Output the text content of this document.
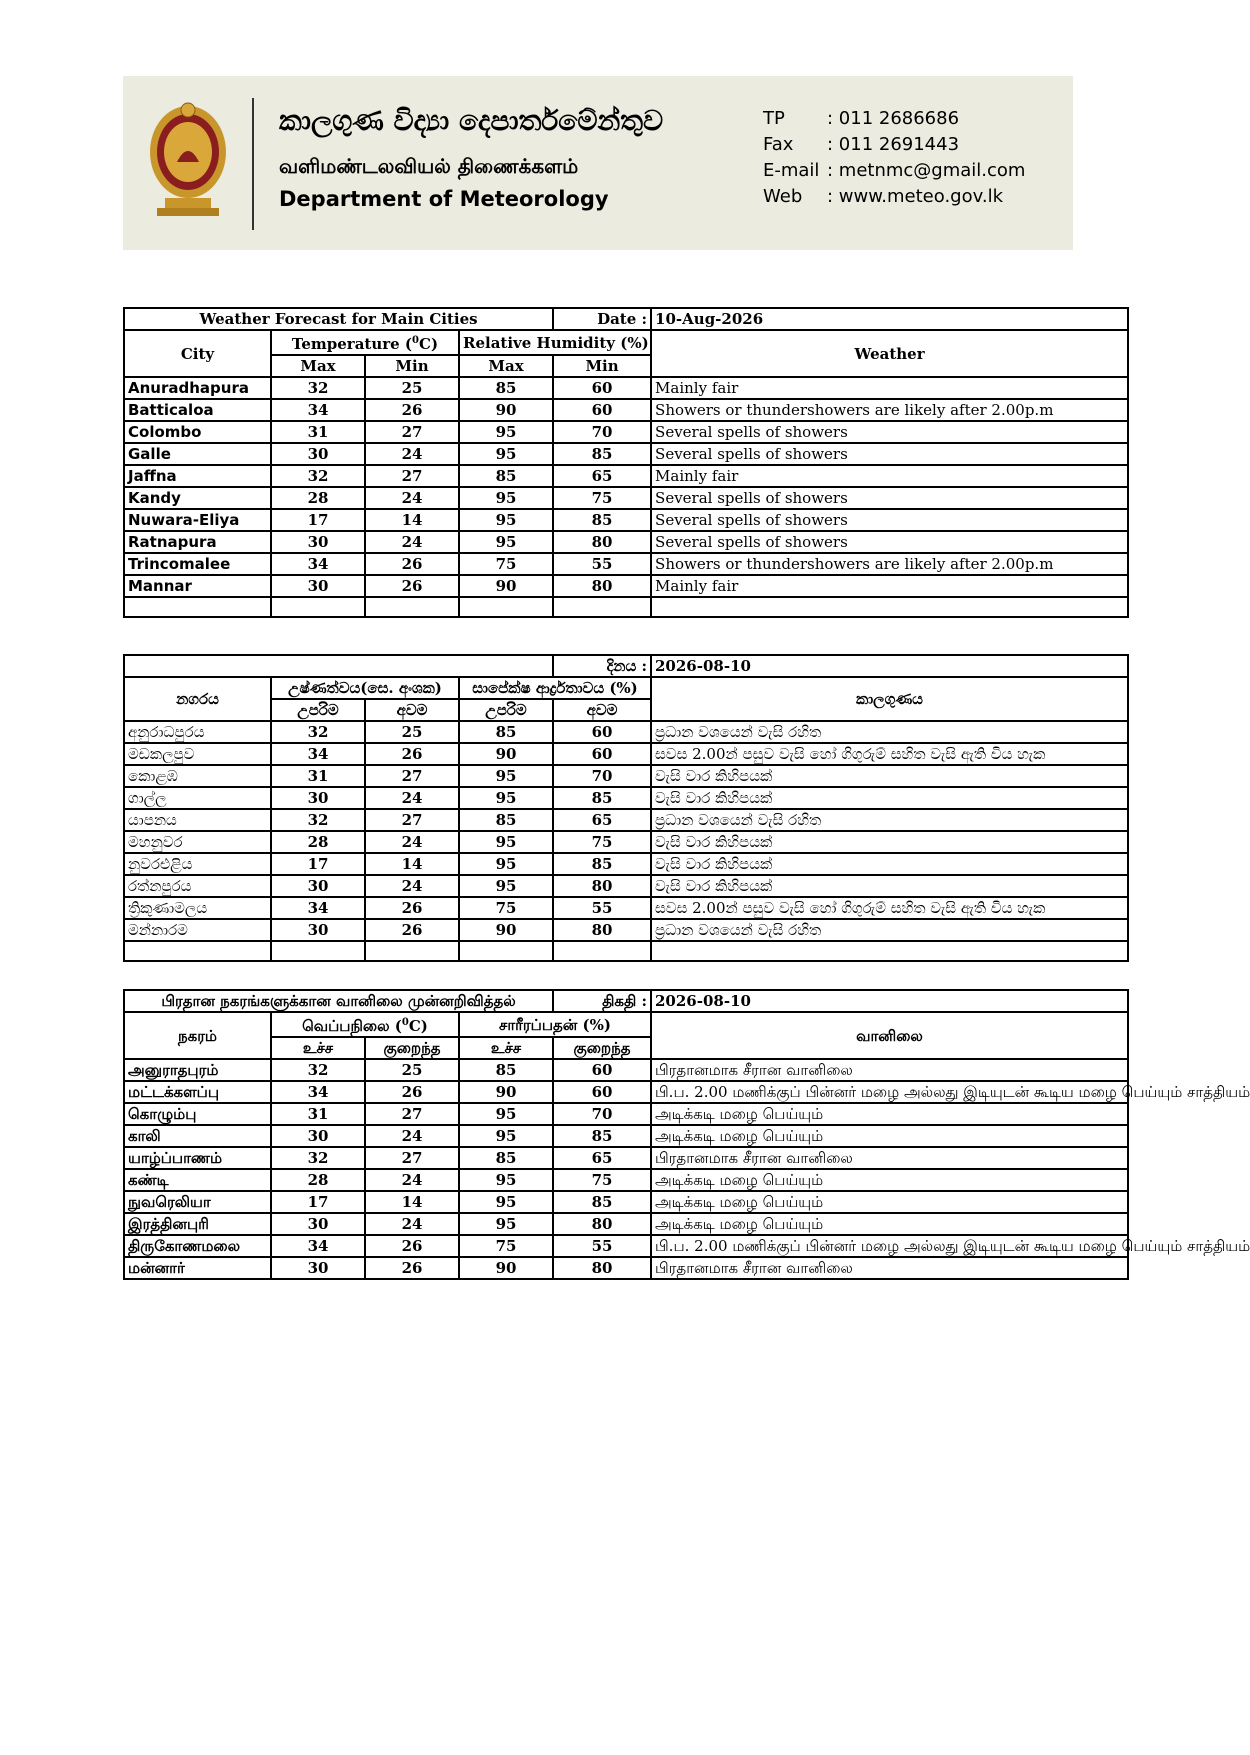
කාලගුණ විද්‍යා දෙපාර්තමේන්තුව
வளிமண்டலவியல் திணைக்களம்
Department of Meteorology
TP	: 011 2686686
Fax	: 011 2691443
E-mail : metnmc@gmail.com
Web	: www.meteo.gov.lk
Weather Forecast for Main Cities				Date :	10-Aug-2026
City	Temperature ($^0$C)		Relative Humidity (%)		Weather
	Max	Min	Max	Min	
Anuradhapura	32	25	85	60	Mainly fair
Batticaloa	34	26	90	60	Showers or thundershowers are likely after 2.00p.m
Colombo	31	27	95	70	Several spells of showers
Galle	30	24	95	85	Several spells of showers
Jaffna	32	27	85	65	Mainly fair
Kandy	28	24	95	75	Several spells of showers
Nuwara-Eliya	17	14	95	85	Several spells of showers
Ratnapura	30	24	95	80	Several spells of showers
Trincomalee	34	26	75	55	Showers or thundershowers are likely after 2.00p.m
Mannar	30	26	90	80	Mainly fair

				දිනය :	2026-08-10
නගරය	උෂ්ණත්වය(සෙ. අංශක)		සාපේක්ෂ ආර්ද්‍රතාවය (%)		කාලගුණය
	උපරිම	අවම	උපරිම	අවම	
අනුරාධපුරය	32	25	85	60	ප්‍රධාන වශයෙන් වැසි රහිත
මඩකලපුව	34	26	90	60	සවස 2.00න් පසුව වැසි හෝ ගිගුරුම් සහිත වැසි ඇති විය හැක
කොළඹ	31	27	95	70	වැසි වාර කිහිපයක්
ගාල්ල	30	24	95	85	වැසි වාර කිහිපයක්
යාපනය	32	27	85	65	ප්‍රධාන වශයෙන් වැසි රහිත
මහනුවර	28	24	95	75	වැසි වාර කිහිපයක්
නුවරඑළිය	17	14	95	85	වැසි වාර කිහිපයක්
රත්නපුරය	30	24	95	80	වැසි වාර කිහිපයක්
ත්‍රිකුණාමලය	34	26	75	55	සවස 2.00න් පසුව වැසි හෝ ගිගුරුම් සහිත වැසි ඇති විය හැක
මන්නාරම	30	26	90	80	ප්‍රධාන වශයෙන් වැසි රහිත

பிரதான நகரங்களுக்கான வானிலை முன்னறிவித்தல்				திகதி :	2026-08-10
நகரம்	வெப்பநிலை ($^0$C)		சாரீரப்பதன் (%)		வானிலை
	உச்ச	குறைந்த	உச்ச	குறைந்த	
அனுராதபுரம்	32	25	85	60	பிரதானமாக சீரான வானிலை
மட்டக்களப்பு	34	26	90	60	பி.ப. 2.00 மணிக்குப் பின்னர் மழை அல்லது இடியுடன் கூடிய மழை பெய்யும் சாத்தியம்
கொழும்பு	31	27	95	70	அடிக்கடி மழை பெய்யும்
காலி	30	24	95	85	அடிக்கடி மழை பெய்யும்
யாழ்ப்பாணம்	32	27	85	65	பிரதானமாக சீரான வானிலை
கண்டி	28	24	95	75	அடிக்கடி மழை பெய்யும்
நுவரெலியா	17	14	95	85	அடிக்கடி மழை பெய்யும்
இரத்தினபுரி	30	24	95	80	அடிக்கடி மழை பெய்யும்
திருகோணமலை	34	26	75	55	பி.ப. 2.00 மணிக்குப் பின்னர் மழை அல்லது இடியுடன் கூடிய மழை பெய்யும் சாத்தியம்
மன்னார்	30	26	90	80	பிரதானமாக சீரான வானிலை
